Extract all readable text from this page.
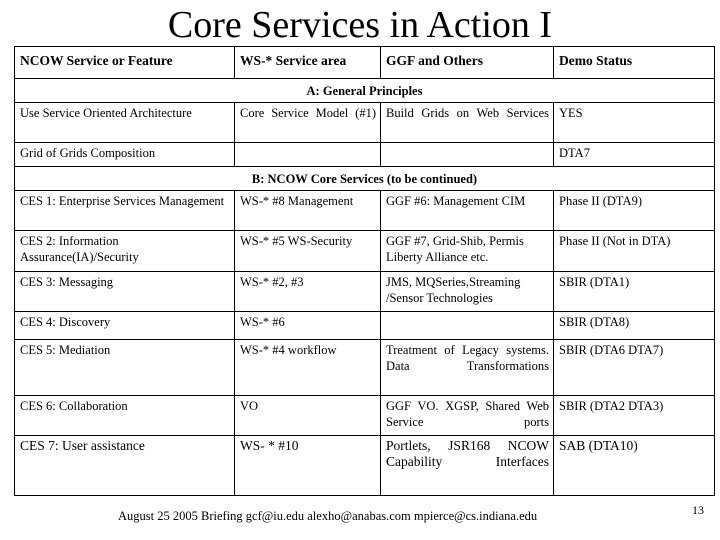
Core Services in Action I
NCOW Service or Feature	WS-* Service area	GGF and Others	Demo Status
A: General Principles			
Use Service Oriented Architecture	Core Service Model (#1)	Build Grids on Web Services	YES
Grid of Grids Composition			DTA7
B: NCOW Core Services (to be continued)			
CES 1: Enterprise Services Management	WS-* #8 Management	GGF #6: Management CIM	Phase II (DTA9)
CES 2: Information Assurance(IA)/Security	WS-* #5 WS-Security	GGF #7, Grid-Shib, Permis Liberty Alliance etc.	Phase II (Not in DTA)
CES 3: Messaging	WS-* #2, #3	JMS, MQSeries,Streaming /Sensor Technologies	SBIR (DTA1)
CES 4: Discovery	WS-* #6		SBIR (DTA8)
CES 5: Mediation	WS-* #4 workflow	Treatment of Legacy systems. Data Transformations	SBIR (DTA6 DTA7)
CES 6: Collaboration	VO	GGF VO. XGSP, Shared Web Service ports	SBIR (DTA2 DTA3)
CES 7: User assistance	WS- * #10	Portlets, JSR168 NCOW Capability Interfaces	SAB (DTA10)
August 25 2005 Briefing gcf@iu.edu alexho@anabas.com mpierce@cs.indiana.edu	13
